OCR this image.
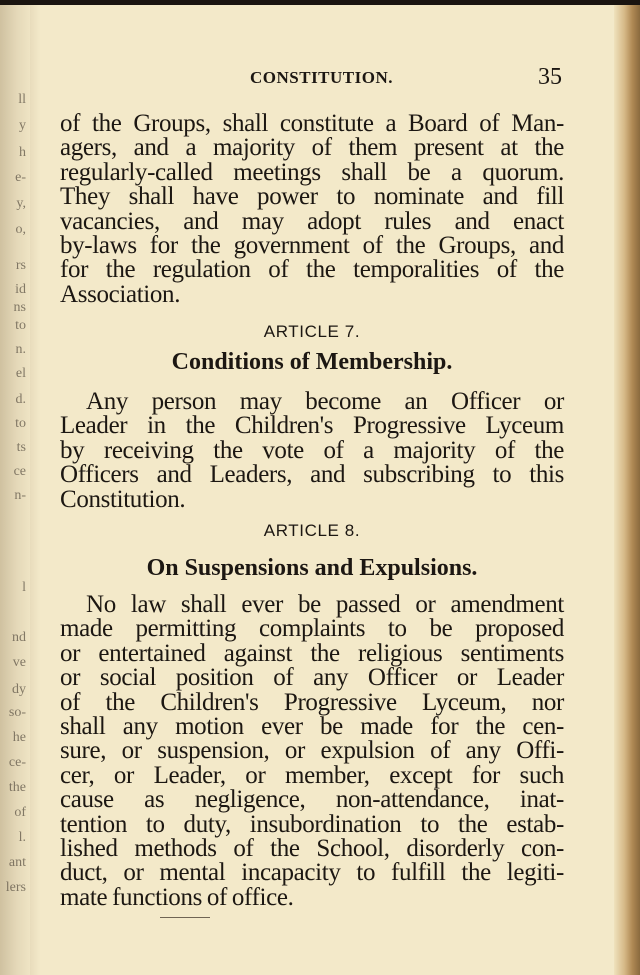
ll

y

h

e-

y,

o,

rs

id

ns

to

n.

el

d.

to

ts

ce

n-

l

nd

ve

dy

so-

he

ce-

the

of

l.

ant

lers

CONSTITUTION.	35

of the Groups, shall constitute a Board of Man-
agers, and a majority of them present at the
regularly-called meetings shall be a quorum.
They shall have power to nominate and fill
vacancies, and may adopt rules and enact
by-laws for the government of the Groups, and
for the regulation of the temporalities of the
Association.

ARTICLE 7.

Conditions of Membership.

Any person may become an Officer or
Leader in the Children's Progressive Lyceum
by receiving the vote of a majority of the
Officers and Leaders, and subscribing to this
Constitution.

ARTICLE 8.

On Suspensions and Expulsions.

No law shall ever be passed or amendment
made permitting complaints to be proposed
or entertained against the religious sentiments
or social position of any Officer or Leader
of the Children's Progressive Lyceum, nor
shall any motion ever be made for the cen-
sure, or suspension, or expulsion of any Offi-
cer, or Leader, or member, except for such
cause as negligence, non-attendance, inat-
tention to duty, insubordination to the estab-
lished methods of the School, disorderly con-
duct, or mental incapacity to fulfill the legiti-
mate functions of office.
